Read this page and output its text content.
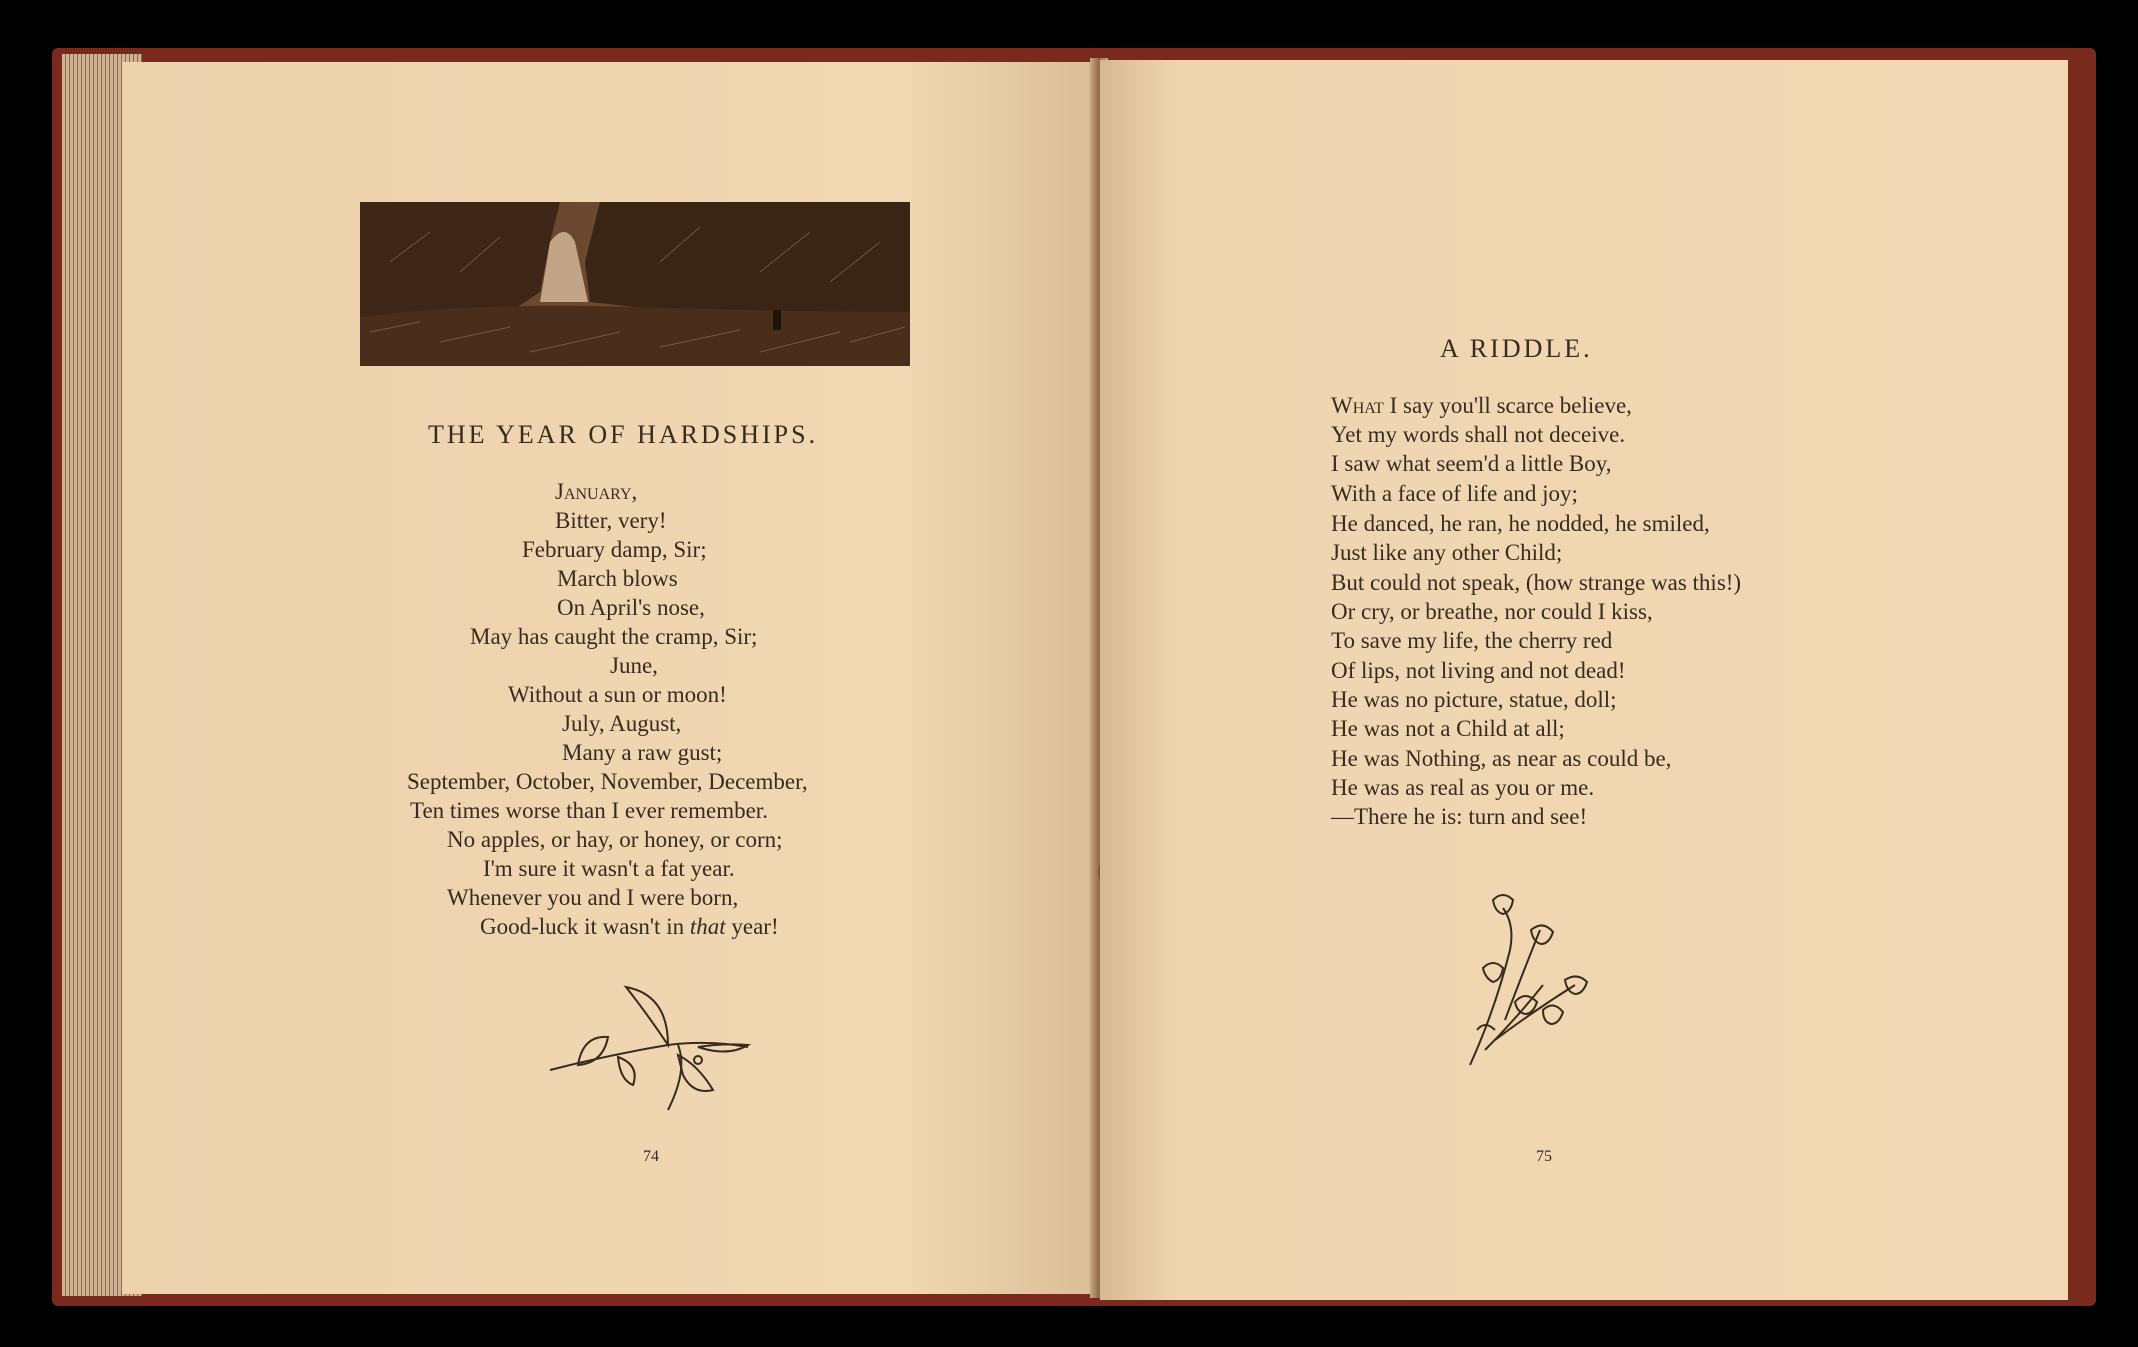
THE YEAR OF HARDSHIPS.

January,

Bitter, very!

February damp, Sir;

March blows

On April's nose,

May has caught the cramp, Sir;

June,

Without a sun or moon!

July, August,

Many a raw gust;

September, October, November, December,

Ten times worse than I ever remember.

No apples, or hay, or honey, or corn;

I'm sure it wasn't a fat year.

Whenever you and I were born,

Good-luck it wasn't in that year!

74

A RIDDLE.

What I say you'll scarce believe,

Yet my words shall not deceive.

I saw what seem'd a little Boy,

With a face of life and joy;

He danced, he ran, he nodded, he smiled,

Just like any other Child;

But could not speak, (how strange was this!)

Or cry, or breathe, nor could I kiss,

To save my life, the cherry red

Of lips, not living and not dead!

He was no picture, statue, doll;

He was not a Child at all;

He was Nothing, as near as could be,

He was as real as you or me.

—There he is: turn and see!

75
